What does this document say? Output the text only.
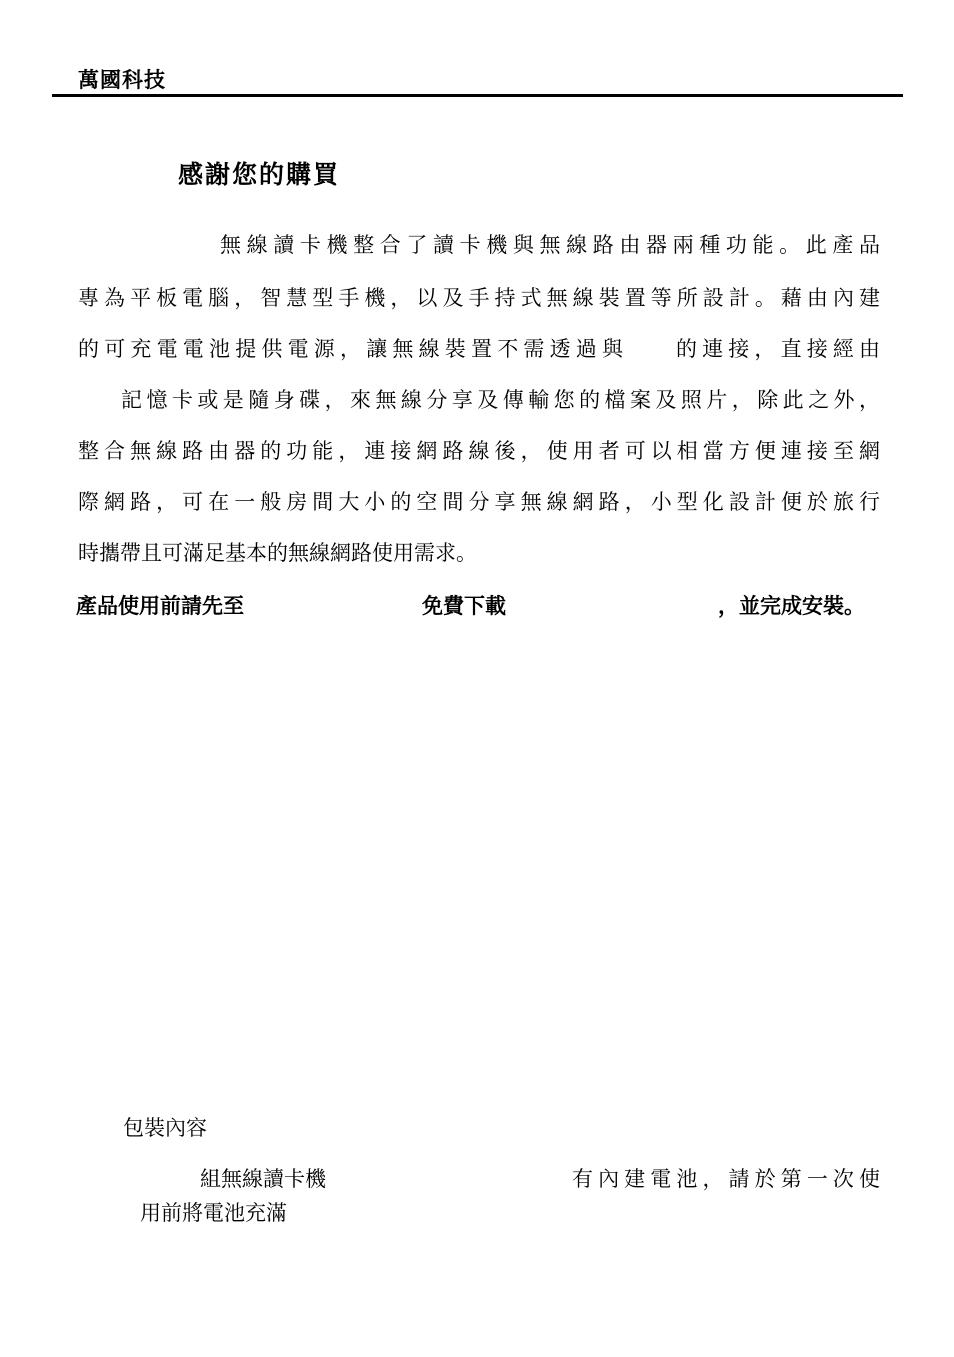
萬國科技
感謝您的購買
無線讀卡機整合了讀卡機與無線路由器兩種功能。此產品
專為平板電腦，智慧型手機，以及手持式無線裝置等所設計。藉由內建
的可充電電池提供電源，讓無線裝置不需透過與	的連接，直接經由
記憶卡或是隨身碟，來無線分享及傳輸您的檔案及照片，除此之外，
整合無線路由器的功能，連接網路線後，使用者可以相當方便連接至網
際網路，可在一般房間大小的空間分享無線網路，小型化設計便於旅行
時攜帶且可滿足基本的無線網路使用需求。
產品使用前請先至	免費下載	，並完成安裝。
包裝內容
組無線讀卡機	有內建電池，請於第一次使
用前將電池充滿
